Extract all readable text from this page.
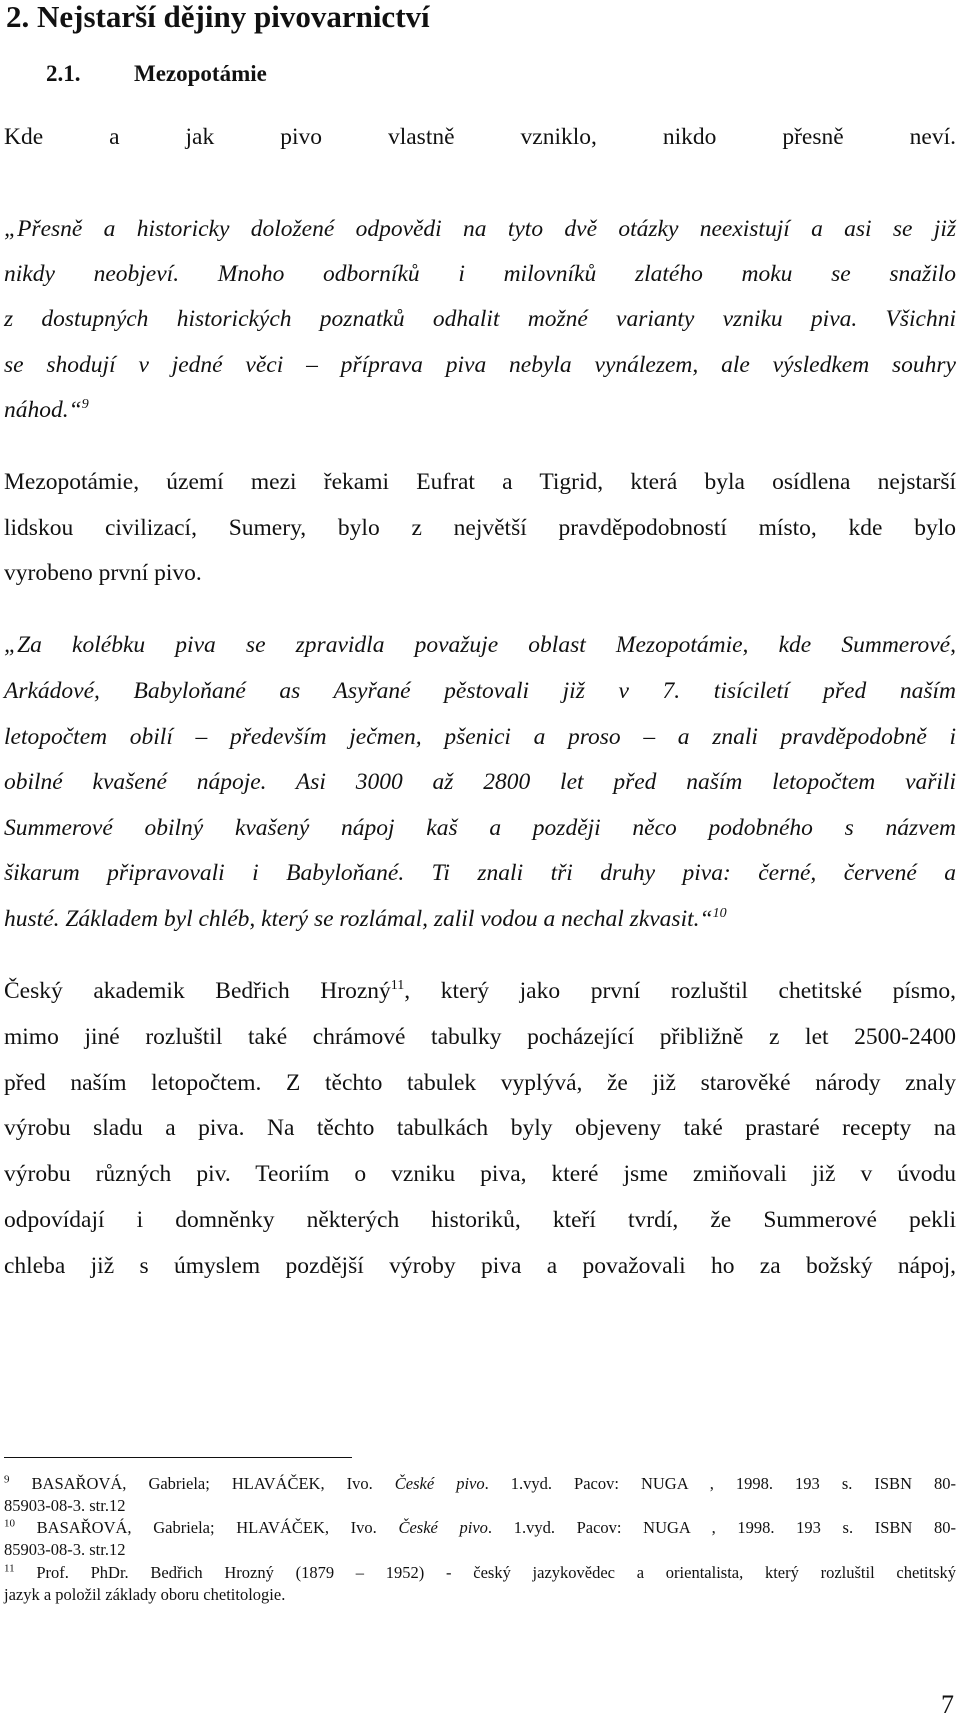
2. Nejstarší dějiny pivovarnictví
2.1. Mezopotámie
Kde a jak pivo vlastně vzniklo, nikdo přesně neví.
„Přesně a historicky doložené odpovědi na tyto dvě otázky neexistují a asi se již
nikdy neobjeví. Mnoho odborníků i milovníků zlatého moku se snažilo
z dostupných historických poznatků odhalit možné varianty vzniku piva. Všichni
se shodují v jedné věci – příprava piva nebyla vynálezem, ale výsledkem souhry
náhod.“$^9$
Mezopotámie, území mezi řekami Eufrat a Tigrid, která byla osídlena nejstarší
lidskou civilizací, Sumery, bylo z největší pravděpodobností místo, kde bylo
vyrobeno první pivo.
„Za kolébku piva se zpravidla považuje oblast Mezopotámie, kde Summerové,
Arkádové, Babyloňané as Asyřané pěstovali již v 7. tisíciletí před naším
letopočtem obilí – především ječmen, pšenici a proso – a znali pravděpodobně i
obilné kvašené nápoje. Asi 3000 až 2800 let před naším letopočtem vařili
Summerové obilný kvašený nápoj kaš a později něco podobného s názvem
šikarum připravovali i Babyloňané. Ti znali tři druhy piva: černé, červené a
husté. Základem byl chléb, který se rozlámal, zalil vodou a nechal zkvasit.“$^{10}$
Český akademik Bedřich Hrozný$^{11}$, který jako první rozluštil chetitské písmo,
mimo jiné rozluštil také chrámové tabulky pocházející přibližně z let 2500-2400
před naším letopočtem. Z těchto tabulek vyplývá, že již starověké národy znaly
výrobu sladu a piva. Na těchto tabulkách byly objeveny také prastaré recepty na
výrobu různých piv. Teoriím o vzniku piva, které jsme zmiňovali již v úvodu
odpovídají i domněnky některých historiků, kteří tvrdí, že Summerové pekli
chleba již s úmyslem pozdější výroby piva a považovali ho za božský nápoj,
$^9$ BASAŘOVÁ, Gabriela; HLAVÁČEK, Ivo. České pivo. 1.vyd. Pacov: NUGA , 1998. 193 s. ISBN 80-
85903-08-3. str.12
$^{10}$ BASAŘOVÁ, Gabriela; HLAVÁČEK, Ivo. České pivo. 1.vyd. Pacov: NUGA , 1998. 193 s. ISBN 80-
85903-08-3. str.12
$^{11}$ Prof. PhDr. Bedřich Hrozný (1879 – 1952) - český jazykovědec a orientalista, který rozluštil chetitský
jazyk a položil základy oboru chetitologie.
7
